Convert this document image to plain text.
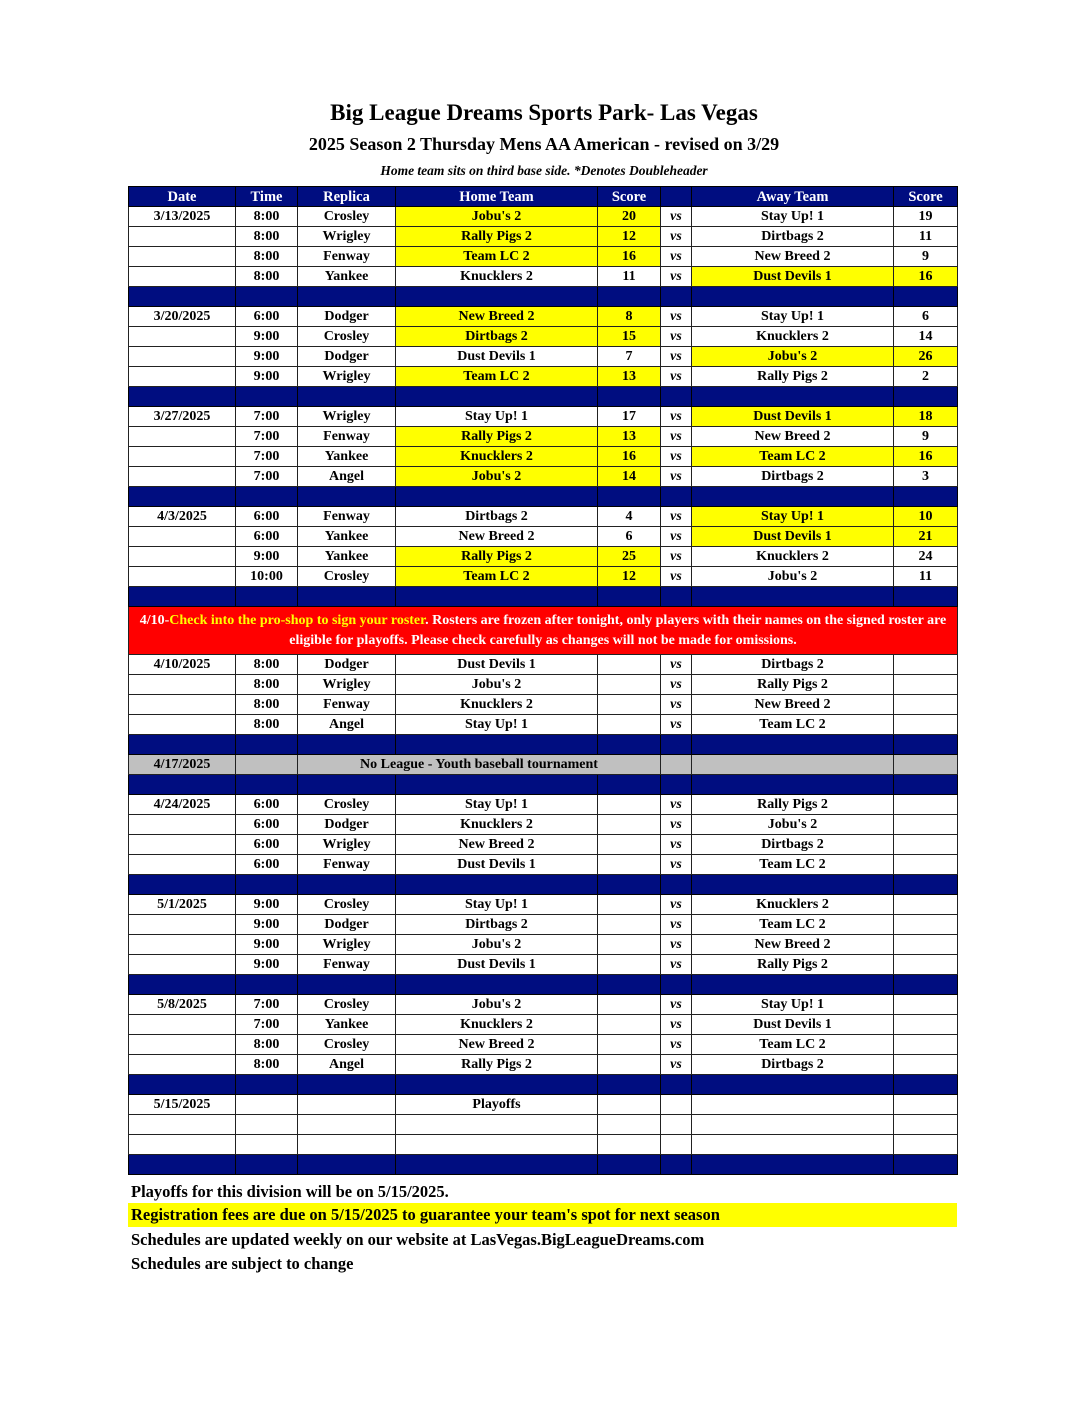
Big League Dreams Sports Park- Las Vegas
2025 Season 2 Thursday Mens AA American - revised on 3/29
Home team sits on third base side. *Denotes Doubleheader
Date	Time	Replica	Home Team	Score		Away Team	Score
3/13/2025	8:00	Crosley	Jobu's 2	20	vs	Stay Up! 1	19
	8:00	Wrigley	Rally Pigs 2	12	vs	Dirtbags 2	11
	8:00	Fenway	Team LC 2	16	vs	New Breed 2	9
	8:00	Yankee	Knucklers 2	11	vs	Dust Devils 1	16

3/20/2025	6:00	Dodger	New Breed 2	8	vs	Stay Up! 1	6
	9:00	Crosley	Dirtbags 2	15	vs	Knucklers 2	14
	9:00	Dodger	Dust Devils 1	7	vs	Jobu's 2	26
	9:00	Wrigley	Team LC 2	13	vs	Rally Pigs 2	2

3/27/2025	7:00	Wrigley	Stay Up! 1	17	vs	Dust Devils 1	18
	7:00	Fenway	Rally Pigs 2	13	vs	New Breed 2	9
	7:00	Yankee	Knucklers 2	16	vs	Team LC 2	16
	7:00	Angel	Jobu's 2	14	vs	Dirtbags 2	3

4/3/2025	6:00	Fenway	Dirtbags 2	4	vs	Stay Up! 1	10
	6:00	Yankee	New Breed 2	6	vs	Dust Devils 1	21
	9:00	Yankee	Rally Pigs 2	25	vs	Knucklers 2	24
	10:00	Crosley	Team LC 2	12	vs	Jobu's 2	11

4/10-Check into the pro-shop to sign your roster. Rosters are frozen after tonight, only players with their names on the signed roster are eligible for playoffs. Please check carefully as changes will not be made for omissions.							
4/10/2025	8:00	Dodger	Dust Devils 1		vs	Dirtbags 2	
	8:00	Wrigley	Jobu's 2		vs	Rally Pigs 2	
	8:00	Fenway	Knucklers 2		vs	New Breed 2	
	8:00	Angel	Stay Up! 1		vs	Team LC 2	

4/17/2025		No League - Youth baseball tournament					

4/24/2025	6:00	Crosley	Stay Up! 1		vs	Rally Pigs 2	
	6:00	Dodger	Knucklers 2		vs	Jobu's 2	
	6:00	Wrigley	New Breed 2		vs	Dirtbags 2	
	6:00	Fenway	Dust Devils 1		vs	Team LC 2	

5/1/2025	9:00	Crosley	Stay Up! 1		vs	Knucklers 2	
	9:00	Dodger	Dirtbags 2		vs	Team LC 2	
	9:00	Wrigley	Jobu's 2		vs	New Breed 2	
	9:00	Fenway	Dust Devils 1		vs	Rally Pigs 2	

5/8/2025	7:00	Crosley	Jobu's 2		vs	Stay Up! 1	
	7:00	Yankee	Knucklers 2		vs	Dust Devils 1	
	8:00	Crosley	New Breed 2		vs	Team LC 2	
	8:00	Angel	Rally Pigs 2		vs	Dirtbags 2	

5/15/2025			Playoffs				

Playoffs for this division will be on 5/15/2025.
Registration fees are due on 5/15/2025 to guarantee your team's spot for next season
Schedules are updated weekly on our website at LasVegas.BigLeagueDreams.com
Schedules are subject to change
